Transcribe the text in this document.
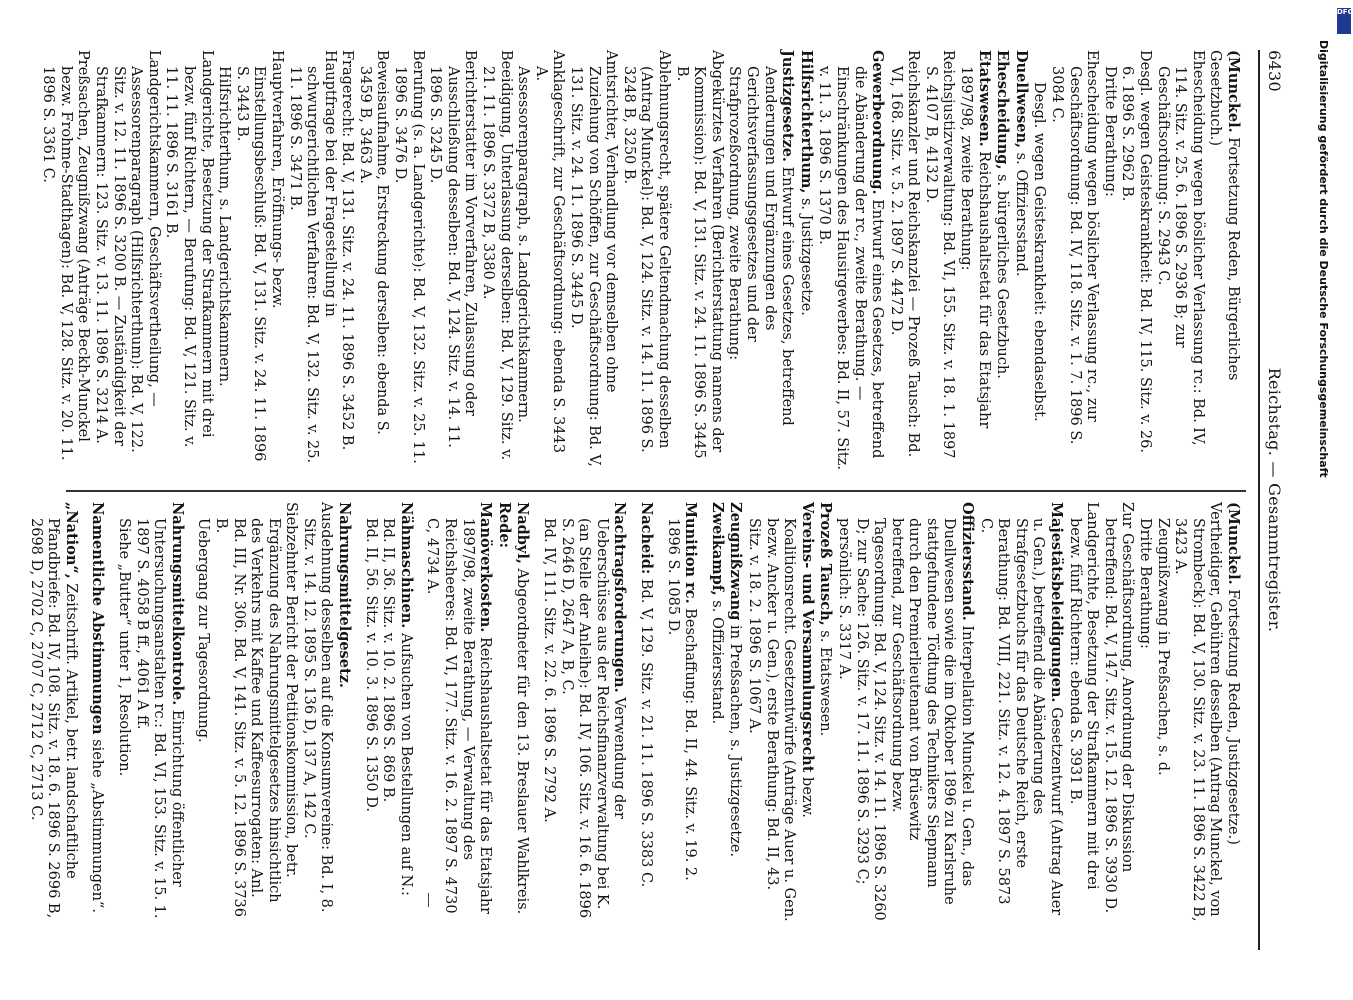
6430
Reichstag. — Gesammtregister.

(Munckel. Fortsetzung Reden, Bürgerliches Gesetzbuch.)

Ehescheidung wegen böslicher Verlassung rc.: Bd. IV, 114. Sitz. v. 25. 6. 1896 S. 2936 B; zur Geschäftsordnung: S. 2943 C.

Desgl. wegen Geisteskrankheit: Bd. IV, 115. Sitz. v. 26. 6. 1896 S. 2962 B.

Dritte Berathung:

Ehescheidung wegen böslicher Verlassung rc., zur Geschäftsordnung: Bd. IV, 118. Sitz. v. 1. 7. 1896 S. 3084 C.

Desgl. wegen Geisteskrankheit: ebendaselbst.

Duellwesen, s. Offiziersstand.

Ehescheidung, s. bürgerliches Gesetzbuch.

Etatswesen. Reichshaushaltsetat für das Etatsjahr 1897/98, zweite Berathung:

Reichsjustizverwaltung: Bd. VI, 155. Sitz. v. 18. 1. 1897 S. 4107 B, 4132 D.

Reichskanzler und Reichskanzlei — Prozeß Tausch: Bd. VI, 168. Sitz. v. 5. 2. 1897 S. 4472 D.

Gewerbeordnung. Entwurf eines Gesetzes, betreffend die Abänderung der rc., zweite Berathung. — Einschränkungen des Hausirgewerbes: Bd. II, 57. Sitz. v. 11. 3. 1896 S. 1370 B.

Hilfsrichterthum, s. Justizgesetze.

Justizgesetze. Entwurf eines Gesetzes, betreffend Aenderungen und Ergänzungen des Gerichtsverfassungsgesetzes und der Strafprozeßordnung, zweite Berathung:

Abgekürztes Verfahren (Berichterstattung namens der Kommission): Bd. V, 131. Sitz. v. 24. 11. 1896 S. 3445 B.

Ablehnungsrecht, spätere Geltendmachung desselben (Antrag Munckel): Bd. V, 124. Sitz. v. 14. 11. 1896 S. 3248 B, 3250 B.

Amtsrichter, Verhandlung vor demselben ohne Zuziehung von Schöffen, zur Geschäftsordnung: Bd. V, 131. Sitz. v. 24. 11. 1896 S. 3445 D.

Anklageschrift, zur Geschäftsordnung: ebenda S. 3443 A.

Assessorenparagraph, s. Landgerichtskammern.

Beeidigung, Unterlassung derselben: Bd. V, 129. Sitz. v. 21. 11. 1896 S. 3372 B, 3380 A.

Berichterstatter im Vorverfahren, Zulassung oder Ausschließung desselben: Bd. V, 124. Sitz. v. 14. 11. 1896 S. 3245 D.

Berufung (s. a. Landgerichte): Bd. V, 132. Sitz. v. 25. 11. 1896 S. 3476 D.

Beweisaufnahme, Erstreckung derselben: ebenda S. 3459 B, 3463 A.

Fragerecht: Bd. V, 131. Sitz. v. 24. 11. 1896 S. 3452 B.

Hauptfrage bei der Fragestellung in schwurgerichtlichen Verfahren: Bd. V, 132. Sitz. v. 25. 11. 1896 S. 3471 B.

Hauptverfahren, Eröffnungs- bezw. Einstellungsbeschluß: Bd. V, 131. Sitz. v. 24. 11. 1896 S. 3443 B.

Hilfsrichterthum, s. Landgerichtskammern.

Landgerichte, Besetzung der Strafkammern mit drei bezw. fünf Richtern, — Berufung: Bd. V, 121. Sitz. v. 11. 11. 1896 S. 3161 B.

Landgerichtskammern, Geschäftsvertheilung, — Assessorenparagraph (Hilfsrichterthum): Bd. V, 122. Sitz. v. 12. 11. 1896 S. 3200 B. — Zuständigkeit der Strafkammern: 123. Sitz. v. 13. 11. 1896 S. 3214 A.

Preßsachen, Zeugnißzwang (Anträge Beckh-Munckel bezw. Frohme-Stadthagen): Bd. V, 128. Sitz. v. 20. 11. 1896 S. 3361 C.

(Munckel. Fortsetzung Reden, Justizgesetze.)

Vertheidiger, Gebühren desselben (Antrag Munckel, von Strombeck): Bd. V, 130. Sitz. v. 23. 11. 1896 S. 3422 B, 3423 A.

Zeugnißzwang in Preßsachen, s. d.

Dritte Berathung:

Zur Geschäftsordnung, Anordnung der Diskussion betreffend: Bd. V, 147. Sitz. v. 15. 12. 1896 S. 3930 D.

Landgerichte, Besetzung der Strafkammern mit drei bezw. fünf Richtern: ebenda S. 3931 B.

Majestätsbeleidigungen. Gesetzentwurf (Antrag Auer u. Gen.), betreffend die Abänderung des Strafgesetzbuchs für das Deutsche Reich, erste Berathung: Bd. VIII, 221. Sitz. v. 12. 4. 1897 S. 5873 C.

Offiziersstand. Interpellation Munckel u. Gen., das Duellwesen sowie die im Oktober 1896 zu Karlsruhe stattgefundene Tödtung des Technikers Siepmann durch den Premierlieutenant von Brüsewitz betreffend, zur Geschäftsordnung bezw. Tagesordnung: Bd. V, 124. Sitz. v. 14. 11. 1896 S. 3260 D; zur Sache: 126. Sitz. v. 17. 11. 1896 S. 3293 C; persönlich: S. 3317 A.

Prozeß Tausch, s. Etatswesen.

Vereins- und Versammlungsrecht bezw. Koalitionsrecht. Gesetzentwürfe (Anträge Auer u. Gen. bezw. Ancker u. Gen.), erste Berathung: Bd. II, 43. Sitz. v. 18. 2. 1896 S. 1067 A.

Zeugnißzwang in Preßsachen, s. Justizgesetze.

Zweikampf, s. Offiziersstand.

Munition rc. Beschaffung: Bd. II, 44. Sitz. v. 19. 2. 1896 S. 1085 D.

Nacheid: Bd. V, 129. Sitz. v. 21. 11. 1896 S. 3383 C.

Nachtragsforderungen. Verwendung der Ueberschüsse aus der Reichsfinanzverwaltung bei K. (an Stelle der Anleihe): Bd. IV, 106. Sitz. v. 16. 6. 1896 S. 2646 D, 2647 A, B, C.

Bd. IV, 111. Sitz. v. 22. 6. 1896 S. 2792 A.

Nadbyl, Abgeordneter für den 13. Breslauer Wahlkreis.

Rede:

Manöverkosten. Reichshaushaltsetat für das Etatsjahr 1897/98, zweite Berathung, — Verwaltung des Reichsheeres: Bd. VI, 177. Sitz. v. 16. 2. 1897 S. 4730 C, 4734 A.

Nähmaschinen. Aufsuchen von Bestellungen auf N.:

Bd. II, 36. Sitz. v. 10. 2. 1896 S. 869 B.

Bd. II, 56. Sitz. v. 10. 3. 1896 S. 1350 D.

Nahrungsmittelgesetz.

Ausdehnung desselben auf die Konsumvereine: Bd. I, 8. Sitz. v. 14. 12. 1895 S. 136 D, 137 A, 142 C.

Siebzehnter Bericht der Petitionskommission, betr. Ergänzung des Nahrungsmittelgesetzes hinsichtlich des Verkehrs mit Kaffee und Kaffeesurrogaten: Anl. Bd. III, Nr. 306. Bd. V, 141. Sitz. v. 5. 12. 1896 S. 3736 B.

Uebergang zur Tagesordnung.

Nahrungsmittelkontrole. Einrichtung öffentlicher Untersuchungsanstalten rc.: Bd. VI, 153. Sitz. v. 15. 1. 1897 S. 4058 B ff., 4061 A ff.

Siehe „Butter“ unter 1, Resolution.

Namentliche Abstimmungen siehe „Abstimmungen“.

„Nation“, Zeitschrift. Artikel, betr. landschaftliche Pfandbriefe: Bd. IV, 108. Sitz. v. 18. 6. 1896 S. 2696 B, 2698 D, 2702 C, 2707 C, 2712 C, 2713 C.

DFG
Digitalisierung gefördert durch die Deutsche Forschungsgemeinschaft
